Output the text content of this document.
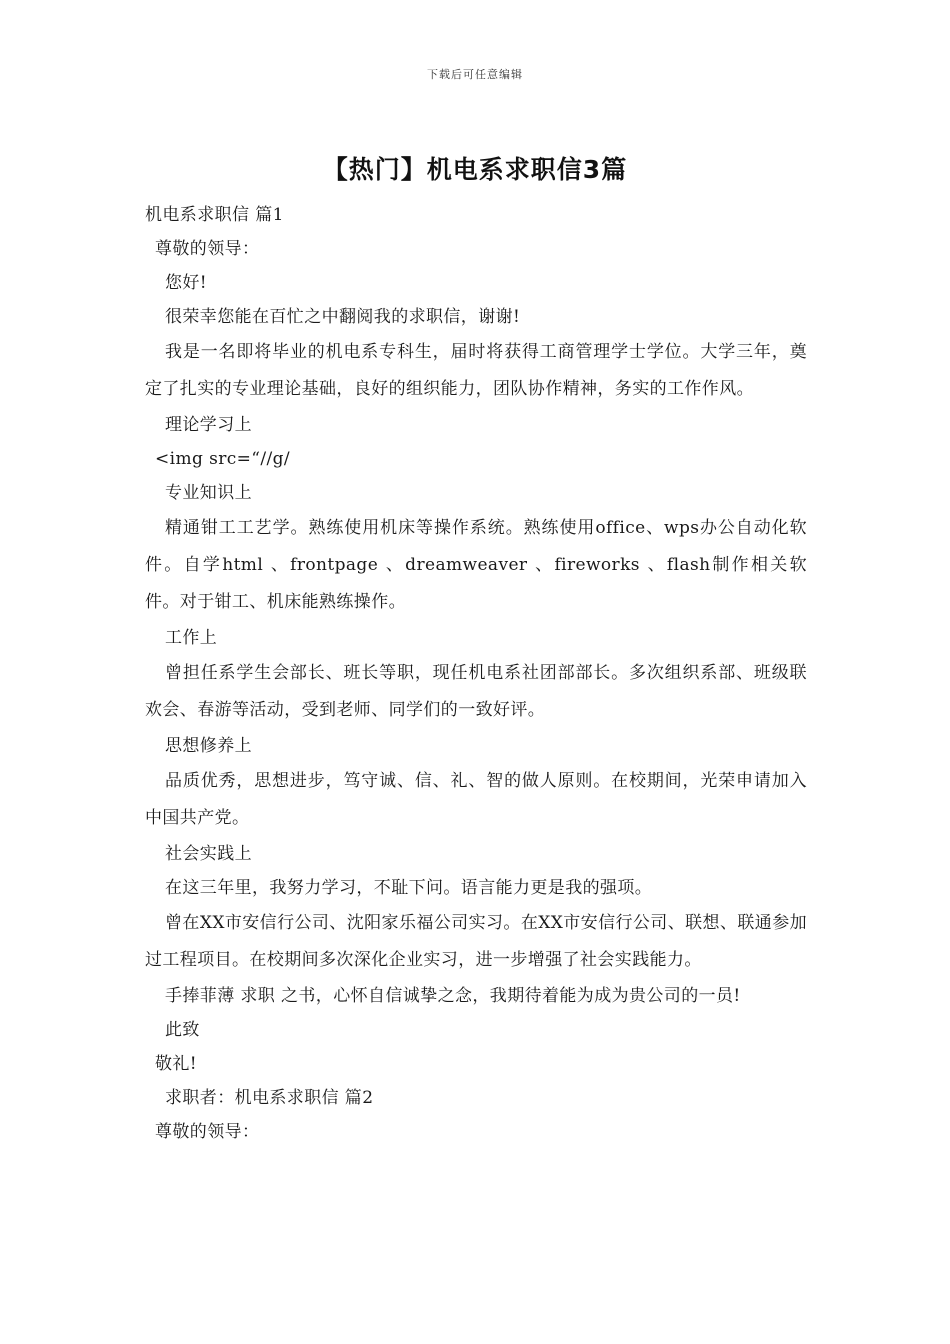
下载后可任意编辑
【热门】机电系求职信3篇

机电系求职信 篇1

尊敬的领导：

您好!

很荣幸您能在百忙之中翻阅我的求职信，谢谢!

我是一名即将毕业的机电系专科生，届时将获得工商管理学士学位。大学三年，奠定了扎实的专业理论基础，良好的组织能力，团队协作精神，务实的工作作风。

理论学习上

<img src=“//g/

专业知识上

精通钳工工艺学。熟练使用机床等操作系统。熟练使用office、wps办公自动化软件。自学html 、frontpage 、dreamweaver 、fireworks 、flash制作相关软件。对于钳工、机床能熟练操作。

工作上

曾担任系学生会部长、班长等职，现任机电系社团部部长。多次组织系部、班级联欢会、春游等活动，受到老师、同学们的一致好评。

思想修养上

品质优秀，思想进步，笃守诚、信、礼、智的做人原则。在校期间，光荣申请加入中国共产党。

社会实践上

在这三年里，我努力学习，不耻下问。语言能力更是我的强项。

曾在XX市安信行公司、沈阳家乐福公司实习。在XX市安信行公司、联想、联通参加过工程项目。在校期间多次深化企业实习，进一步增强了社会实践能力。

手捧菲薄 求职 之书，心怀自信诚挚之念，我期待着能为成为贵公司的一员!

此致

敬礼!

求职者：机电系求职信 篇2

尊敬的领导：
